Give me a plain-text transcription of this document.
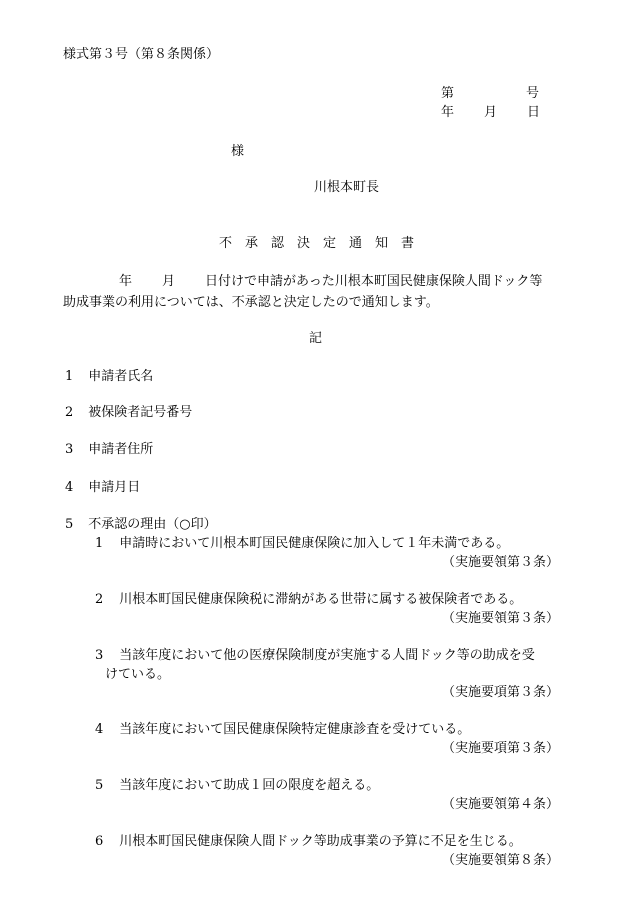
様式第３号（第８条関係）
第	号
年 月 日
様
川根本町長
不　承　認　決　定　通　知　書
年 月 日付けで申請があった川根本町国民健康保険人間ドック等
助成事業の利用については、不承認と決定したので通知します。
記
1 申請者氏名
2 被保険者記号番号
3 申請者住所
4 申請月日
5 不承認の理由（○印）
1 申請時において川根本町国民健康保険に加入して１年未満である。
（実施要領第３条）
2 川根本町国民健康保険税に滞納がある世帯に属する被保険者である。
（実施要領第３条）
3 当該年度において他の医療保険制度が実施する人間ドック等の助成を受
けている。
（実施要項第３条）
4 当該年度において国民健康保険特定健康診査を受けている。
（実施要項第３条）
5 当該年度において助成１回の限度を超える。
（実施要領第４条）
6 川根本町国民健康保険人間ドック等助成事業の予算に不足を生じる。
（実施要領第８条）
